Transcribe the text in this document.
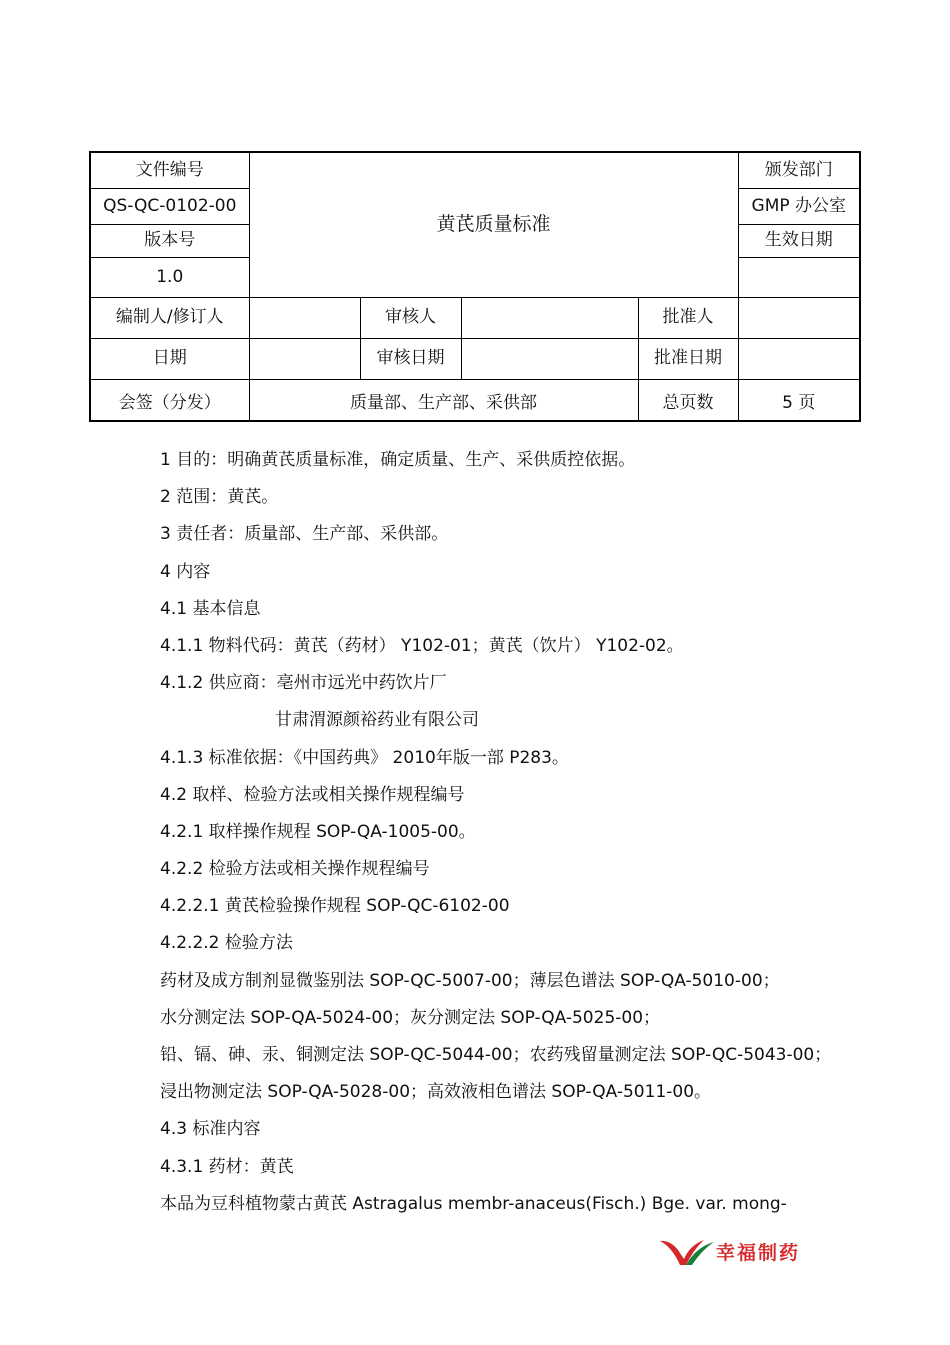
文件编号	黄芪质量标准				颁发部门
QS-QC-0102-00					GMP 办公室
版本号					生效日期
1.0					
编制人/修订人		审核人		批准人	
日期		审核日期		批准日期	
会签（分发）	质量部、生产部、采供部			总页数	5 页
1 目的：明确黄芪质量标准，确定质量、生产、采供质控依据。
2 范围：黄芪。
3 责任者：质量部、生产部、采供部。
4 内容
4.1 基本信息
4.1.1 物料代码：黄芪（药材） Y102-01；黄芪（饮片） Y102-02。
4.1.2 供应商：亳州市远光中药饮片厂
甘肃渭源颜裕药业有限公司
4.1.3 标准依据：《中国药典》 2010年版一部 P283。
4.2 取样、检验方法或相关操作规程编号
4.2.1 取样操作规程 SOP-QA-1005-00。
4.2.2 检验方法或相关操作规程编号
4.2.2.1 黄芪检验操作规程 SOP-QC-6102-00
4.2.2.2 检验方法
药材及成方制剂显微鉴别法 SOP-QC-5007-00；薄层色谱法 SOP-QA-5010-00；
水分测定法 SOP-QA-5024-00；灰分测定法 SOP-QA-5025-00；
铅、镉、砷、汞、铜测定法 SOP-QC-5044-00；农药残留量测定法 SOP-QC-5043-00；
浸出物测定法 SOP-QA-5028-00；高效液相色谱法 SOP-QA-5011-00。
4.3 标准内容
4.3.1 药材：黄芪
本品为豆科植物蒙古黄芪 Astragalus membr-anaceus(Fisch.) Bge. var. mong-
幸福制药
